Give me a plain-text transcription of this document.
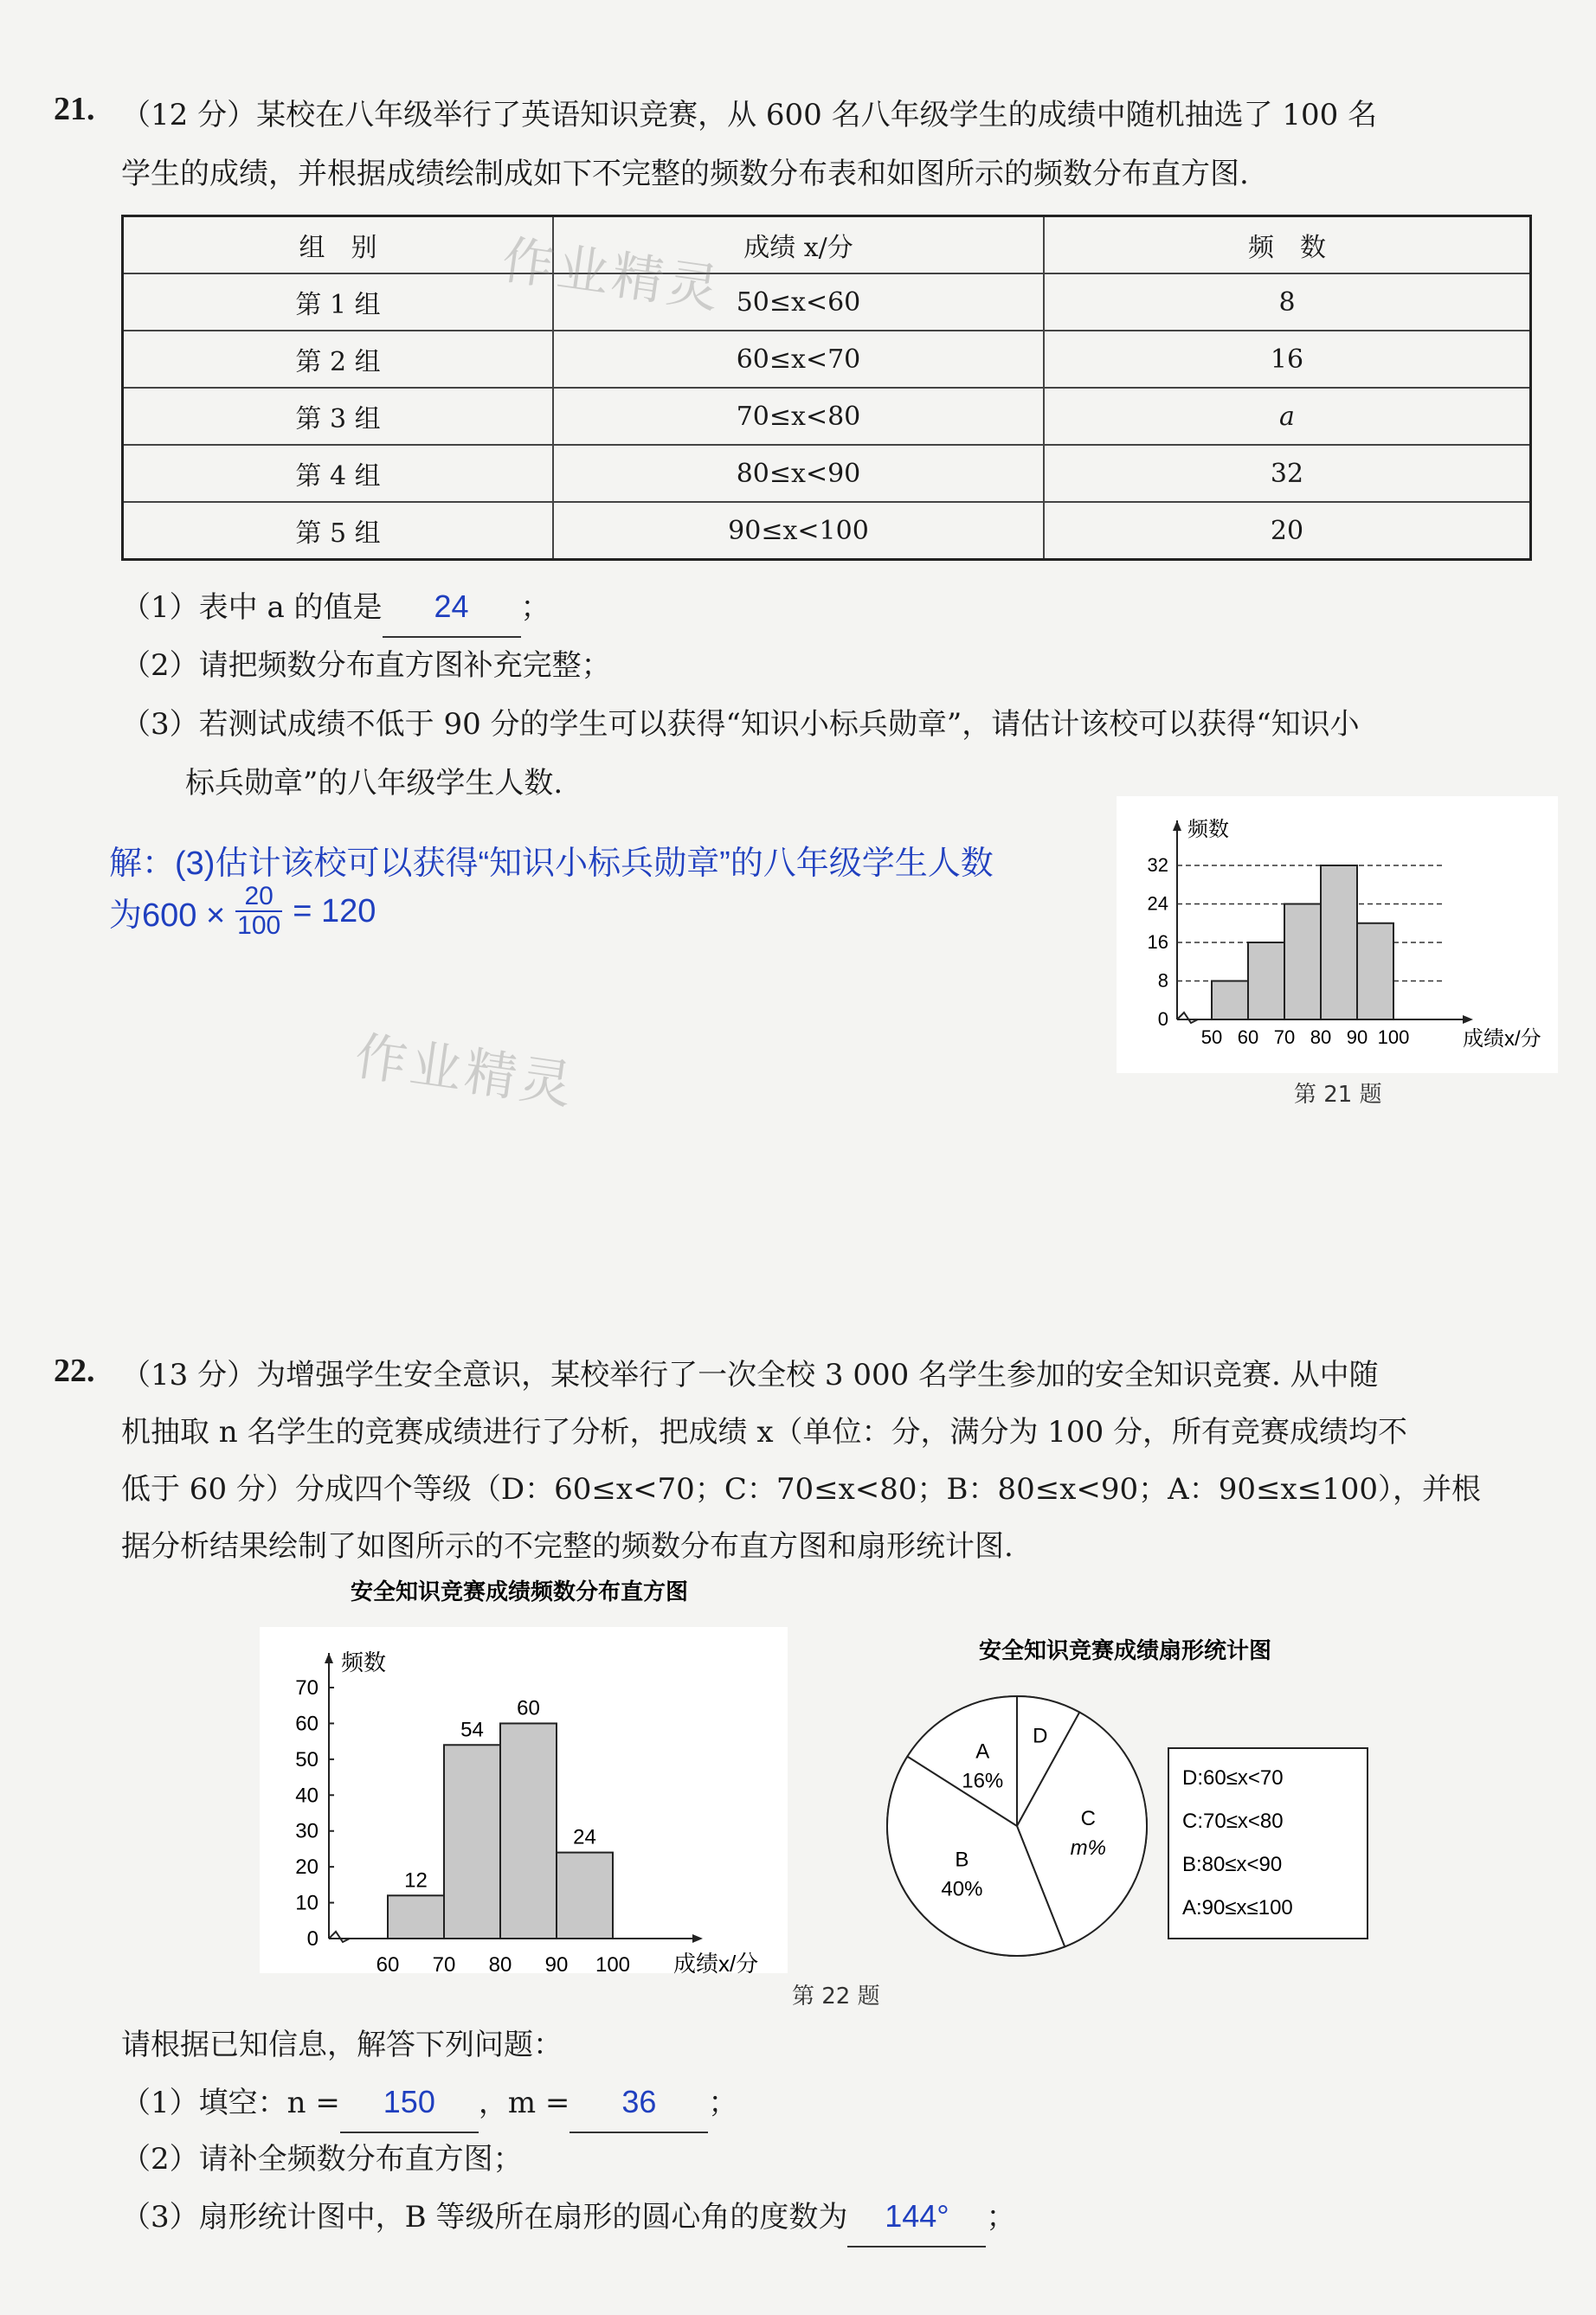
21. （12 分）某校在八年级举行了英语知识竞赛，从 600 名八年级学生的成绩中随机抽选了 100 名
学生的成绩，并根据成绩绘制成如下不完整的频数分布表和如图所示的频数分布直方图.
组　别	成绩 x/分	频　数
第 1 组	50≤x<60	8
第 2 组	60≤x<70	16
第 3 组	70≤x<80	a
第 4 组	80≤x<90	32
第 5 组	90≤x<100	20
作业精灵
（1）表中 a 的值是 24 ；
（2）请把频数分布直方图补充完整；
（3）若测试成绩不低于 90 分的学生可以获得“知识小标兵勋章”，请估计该校可以获得“知识小
标兵勋章”的八年级学生人数.
解：(3)估计该校可以获得“知识小标兵勋章”的八年级学生人数
为$600 \times \frac{20}{100} = 120$
0
8
16
24
32
频数
50 60 70 80 90 100	成绩x/分
第 21 题
作业精灵
22. （13 分）为增强学生安全意识，某校举行了一次全校 3 000 名学生参加的安全知识竞赛. 从中随
机抽取 n 名学生的竞赛成绩进行了分析，把成绩 x（单位：分，满分为 100 分，所有竞赛成绩均不
低于 60 分）分成四个等级（D：60≤x<70；C：70≤x<80；B：80≤x<90；A：90≤x≤100），并根
据分析结果绘制了如图所示的不完整的频数分布直方图和扇形统计图.
安全知识竞赛成绩频数分布直方图
0
10
20
30
40
50
60
70
频数
12
54
60
24
60 70 80 90 100 成绩x/分
安全知识竞赛成绩扇形统计图
A
16%
D
C
m%
B
40%
D:60≤x<70
C:70≤x<80
B:80≤x<90
A:90≤x≤100
第 22 题
请根据已知信息，解答下列问题：
（1）填空：n = 150 ，m = 36 ；
（2）请补全频数分布直方图；
（3）扇形统计图中，B 等级所在扇形的圆心角的度数为 144° ；
